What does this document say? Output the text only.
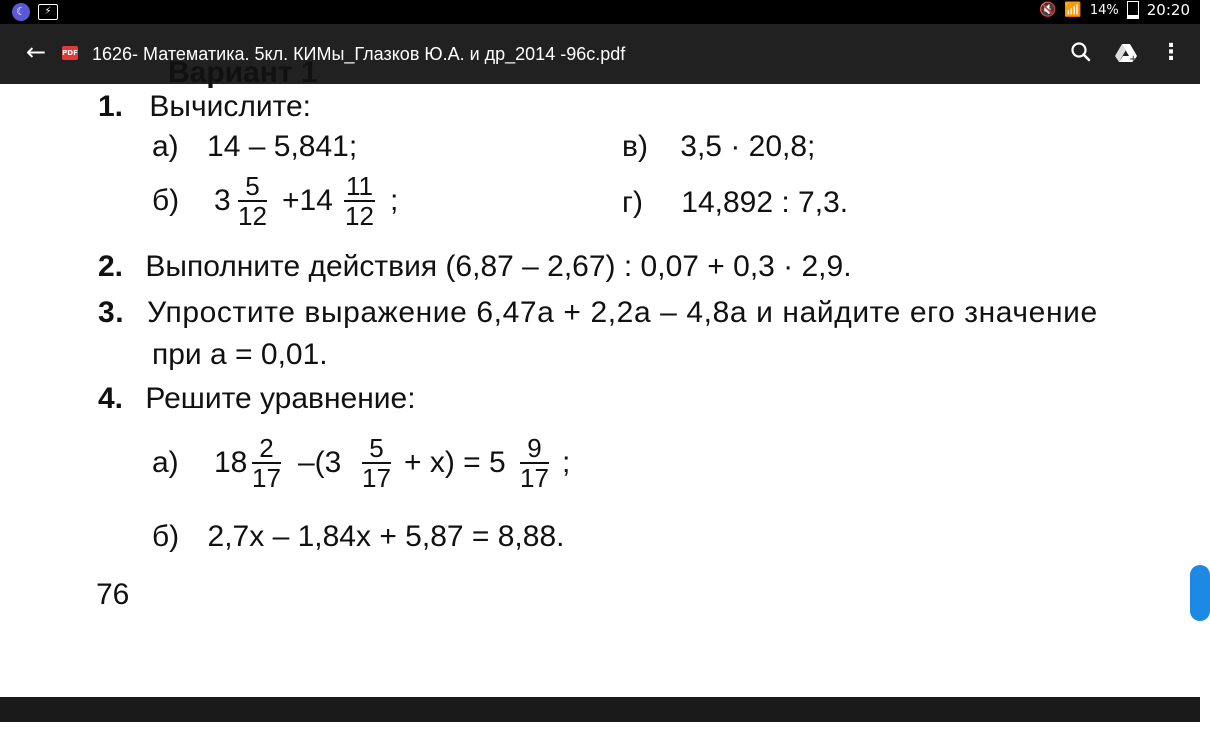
☾	⚡	🔇 📶 14% 20:20
← PDF 1626- Математика. 5кл. КИМы_Глазков Ю.А. и др_2014 -96с.pdf	+ ⋮
Вариант 1
1. Вычислите:
а) 14 – 5,841;	в) 3,5 · 20,8;
б) $3 \frac{5}{12} +14 \frac{11}{12}$ ;	г) 14,892 : 7,3.
2. Выполните действия (6,87 – 2,67) : 0,07 + 0,3 · 2,9.
3. Упростите выражение 6,47а + 2,2а – 4,8а и найдите его значение
при а = 0,01.
4. Решите уравнение:
а) $18 \frac{2}{17} -(3 \frac{5}{17} + x) = 5 \frac{9}{17}$ ;
б) 2,7x – 1,84x + 5,87 = 8,88.
76
